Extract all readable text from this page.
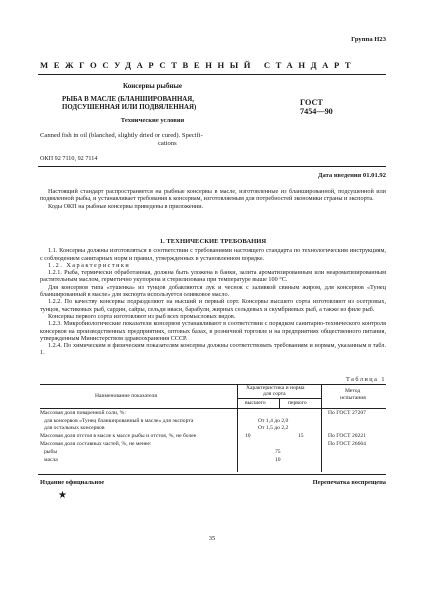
Группа Н23
МЕЖГОСУДАРСТВЕННЫЙ СТАНДАРТ
Консервы рыбные
РЫБА В МАСЛЕ (БЛАНШИРОВАННАЯ,
ПОДСУШЕННАЯ ИЛИ ПОДВЯЛЕННАЯ)
ГОСТ
7454—90
Технические условия
Canned fish in oil (blanched, slightly dried or cured). Specifi-
cations
ОКП 92 7110, 92 7114
Дата введения 01.01.92

Настоящий стандарт распространяется на рыбные консервы в масле, изготовленные из бланшированной, подсушенной или подвяленной рыбы, и устанавливает требования к консервам, изготовляемым для потребностей экономики страны и экспорта.

Коды ОКП на рыбные консервы приведены в приложении.

1. ТЕХНИЧЕСКИЕ ТРЕБОВАНИЯ

1.1. Консервы должны изготовляться в соответствии с требованиями настоящего стандарта по технологическим инструкциям, с соблюдением санитарных норм и правил, утвержденных в установленном порядке.

1.2. Характеристики

1.2.1. Рыба, термически обработанная, должна быть уложена в банки, залита ароматизированным или неароматизированным растительным маслом, герметично укупорена и стерилизована при температуре выше 100 °С.

Для консервов типа «тушенка» из тунцов добавляются лук и чеснок с заливкой свиным жиром, для консервов «Тунец бланшированный в масле» для экспорта используется оливковое масло.

1.2.2. По качеству консервы подразделяют на высший и первый сорт. Консервы высшего сорта изготовляют из осетровых, тунцов, частиковых рыб, сардин, сайры, сельди иваси, барабули, жирных сельдевых и скумбриевых рыб, а также из филе рыб.

Консервы первого сорта изготовляют из рыб всех промысловых видов.

1.2.3. Микробиологические показатели консервов устанавливают в соответствии с порядком санитарно-технического контроля консервов на производственных предприятиях, оптовых базах, в розничной торговле и на предприятиях общественного питания, утвержденным Министерством здравоохранения СССР.

1.2.4. По химическим и физическим показателям консервы должны соответствовать требованиям и нормам, указанным в табл. 1.

Таблица 1
Наименование показателя
Характеристика и норма
для сорта
высшего	первого
Метод
испытания
Массовая доля поваренной соли, %:	По ГОСТ 27207
для консервов «Тунец бланшированный в масле» для экспорта	От 1,4 до 2,0
для остальных консервов	От 1,5 до 2,2
Массовая доля отстоя в масле к массе рыбы и отстоя, %, не более	10	15	По ГОСТ 20221
Массовая доля составных частей, %, не менее:	По ГОСТ 26664
рыбы	75
масла	10
Издание официальное	Перепечатка воспрещена
★
35
